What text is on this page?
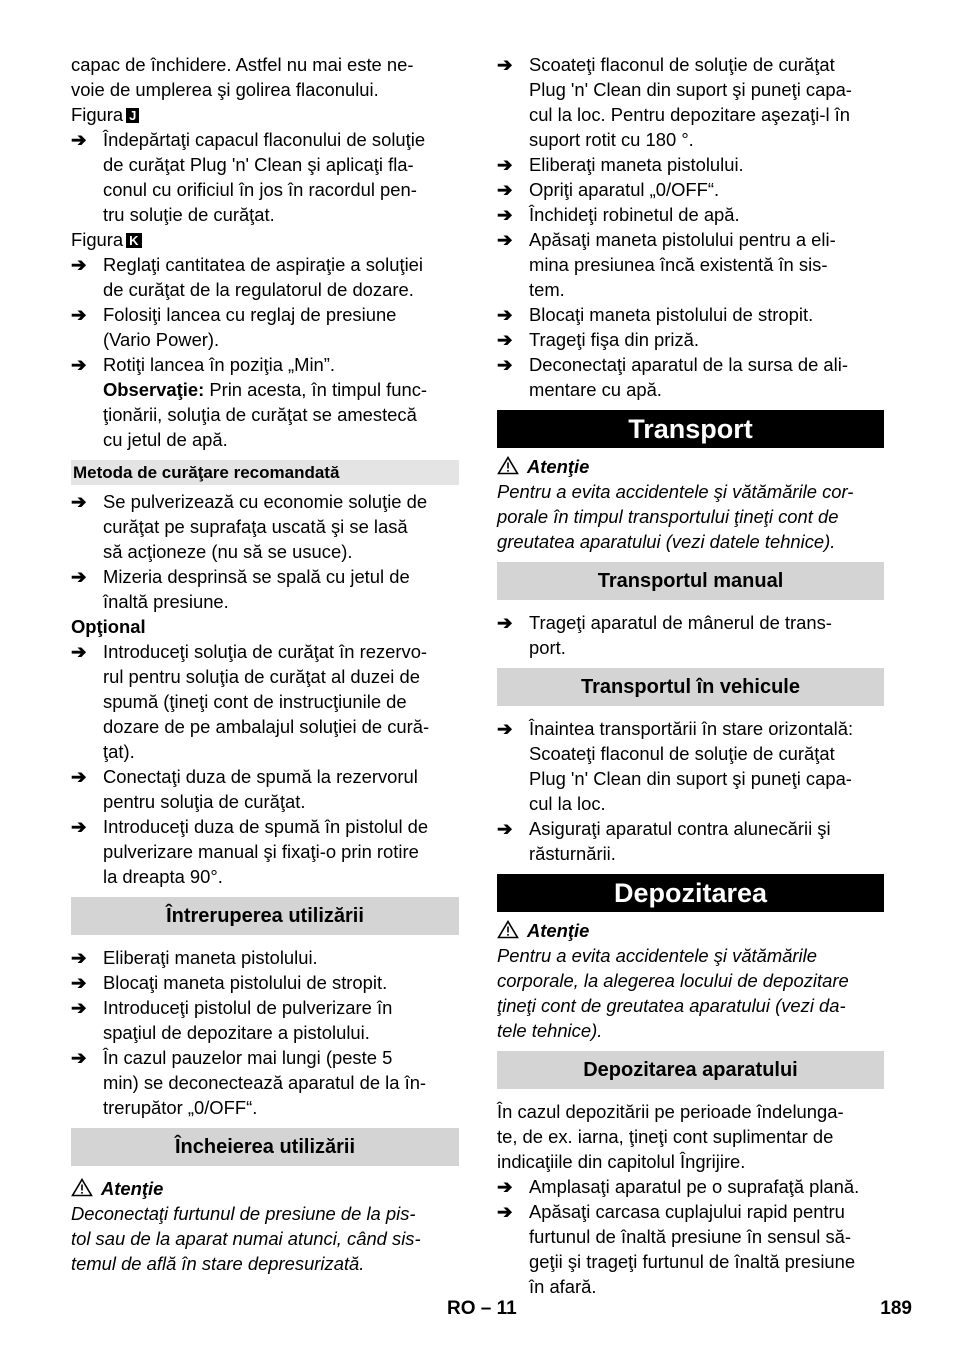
capac de închidere. Astfel nu mai este ne-
voie de umplerea şi golirea flaconului.

Figura J

➔ Îndepărtaţi capacul flaconului de soluţie
de curăţat Plug 'n' Clean şi aplicaţi fla-
conul cu orificiul în jos în racordul pen-
tru soluţie de curăţat.

Figura K

➔ Reglaţi cantitatea de aspiraţie a soluţiei
de curăţat de la regulatorul de dozare.
➔ Folosiţi lancea cu reglaj de presiune
(Vario Power).
➔ Rotiţi lancea în poziţia „Min”.
Observaţie: Prin acesta, în timpul func-
ţionării, soluţia de curăţat se amestecă
cu jetul de apă.
Metoda de curăţare recomandată
➔ Se pulverizează cu economie soluţie de
curăţat pe suprafaţa uscată şi se lasă
să acţioneze (nu să se usuce).
➔ Mizeria desprinsă se spală cu jetul de
înaltă presiune.

Opţional

➔ Introduceţi soluţia de curăţat în rezervo-
rul pentru soluţia de curăţat al duzei de
spumă (ţineţi cont de instrucţiunile de
dozare de pe ambalajul soluţiei de cură-
ţat).
➔ Conectaţi duza de spumă la rezervorul
pentru soluţia de curăţat.
➔ Introduceţi duza de spumă în pistolul de
pulverizare manual şi fixaţi-o prin rotire
la dreapta 90°.
Întreruperea utilizării
➔ Eliberaţi maneta pistolului.
➔ Blocaţi maneta pistolului de stropit.
➔ Introduceţi pistolul de pulverizare în
spaţiul de depozitare a pistolului.
➔ În cazul pauzelor mai lungi (peste 5
min) se deconectează aparatul de la în-
trerupător „0/OFF“.
Încheierea utilizării

Atenţie

Deconectaţi furtunul de presiune de la pis-
tol sau de la aparat numai atunci, când sis-
temul de află în stare depresurizată.

➔ Scoateţi flaconul de soluţie de curăţat
Plug 'n' Clean din suport şi puneţi capa-
cul la loc. Pentru depozitare aşezaţi-l în
suport rotit cu 180 °.
➔ Eliberaţi maneta pistolului.
➔ Opriţi aparatul „0/OFF“.
➔ Închideţi robinetul de apă.
➔ Apăsaţi maneta pistolului pentru a eli-
mina presiunea încă existentă în sis-
tem.
➔ Blocaţi maneta pistolului de stropit.
➔ Trageţi fişa din priză.
➔ Deconectaţi aparatul de la sursa de ali-
mentare cu apă.
Transport

Atenţie

Pentru a evita accidentele şi vătămările cor-
porale în timpul transportului ţineţi cont de
greutatea aparatului (vezi datele tehnice).

Transportul manual
➔ Trageţi aparatul de mânerul de trans-
port.
Transportul în vehicule
➔ Înaintea transportării în stare orizontală:
Scoateţi flaconul de soluţie de curăţat
Plug 'n' Clean din suport şi puneţi capa-
cul la loc.
➔ Asiguraţi aparatul contra alunecării şi
răsturnării.
Depozitarea

Atenţie

Pentru a evita accidentele şi vătămările
corporale, la alegerea locului de depozitare
ţineţi cont de greutatea aparatului (vezi da-
tele tehnice).

Depozitarea aparatului

În cazul depozitării pe perioade îndelunga-
te, de ex. iarna, ţineţi cont suplimentar de
indicaţiile din capitolul Îngrijire.

➔ Amplasaţi aparatul pe o suprafaţă plană.
➔ Apăsaţi carcasa cuplajului rapid pentru
furtunul de înaltă presiune în sensul să-
geţii şi trageţi furtunul de înaltă presiune
în afară.
RO – 11	189
